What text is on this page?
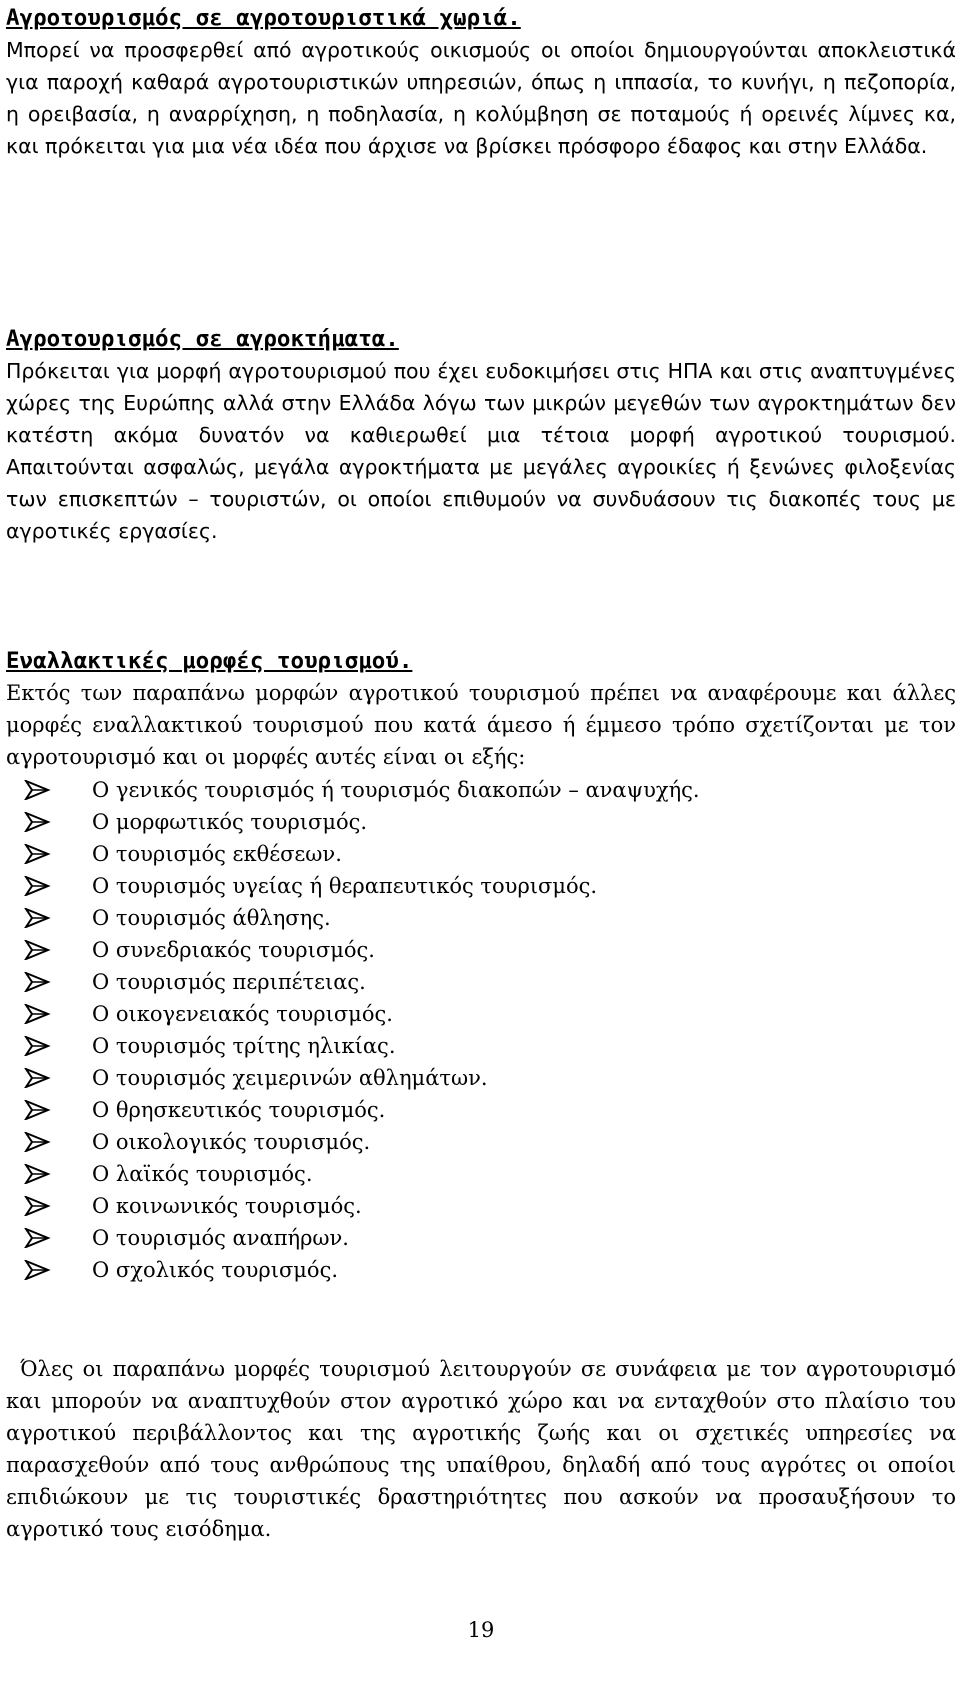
Αγροτουρισμός σε αγροτουριστικά χωριά.

Μπορεί να προσφερθεί από αγροτικούς οικισμούς οι οποίοι δημιουργούνται αποκλειστικά για παροχή καθαρά αγροτουριστικών υπηρεσιών, όπως η ιππασία, το κυνήγι, η πεζοπορία, η ορειβασία, η αναρρίχηση, η ποδηλασία, η κολύμβηση σε ποταμούς ή ορεινές λίμνες κα, και πρόκειται για μια νέα ιδέα που άρχισε να βρίσκει πρόσφορο έδαφος και στην Ελλάδα.

Αγροτουρισμός σε αγροκτήματα.

Πρόκειται για μορφή αγροτουρισμού που έχει ευδοκιμήσει στις ΗΠΑ και στις αναπτυγμένες χώρες της Ευρώπης αλλά στην Ελλάδα λόγω των μικρών μεγεθών των αγροκτημάτων δεν κατέστη ακόμα δυνατόν να καθιερωθεί μια τέτοια μορφή αγροτικού τουρισμού. Απαιτούνται ασφαλώς, μεγάλα αγροκτήματα με μεγάλες αγροικίες ή ξενώνες φιλοξενίας των επισκεπτών – τουριστών, οι οποίοι επιθυμούν να συνδυάσουν τις διακοπές τους με αγροτικές εργασίες.

Εναλλακτικές μορφές τουρισμού.

Εκτός των παραπάνω μορφών αγροτικού τουρισμού πρέπει να αναφέρουμε και άλλες μορφές εναλλακτικού τουρισμού που κατά άμεσο ή έμμεσο τρόπο σχετίζονται με τον αγροτουρισμό και οι μορφές αυτές είναι οι εξής:

Ο γενικός τουρισμός ή τουρισμός διακοπών – αναψυχής.
Ο μορφωτικός τουρισμός.
Ο τουρισμός εκθέσεων.
Ο τουρισμός υγείας ή θεραπευτικός τουρισμός.
Ο τουρισμός άθλησης.
Ο συνεδριακός τουρισμός.
Ο τουρισμός περιπέτειας.
Ο οικογενειακός τουρισμός.
Ο τουρισμός τρίτης ηλικίας.
Ο τουρισμός χειμερινών αθλημάτων.
Ο θρησκευτικός τουρισμός.
Ο οικολογικός τουρισμός.
Ο λαϊκός τουρισμός.
Ο κοινωνικός τουρισμός.
Ο τουρισμός αναπήρων.
Ο σχολικός τουρισμός.

Όλες οι παραπάνω μορφές τουρισμού λειτουργούν σε συνάφεια με τον αγροτουρισμό και μπορούν να αναπτυχθούν στον αγροτικό χώρο και να ενταχθούν στο πλαίσιο του αγροτικού περιβάλλοντος και της αγροτικής ζωής και οι σχετικές υπηρεσίες να παρασχεθούν από τους ανθρώπους της υπαίθρου, δηλαδή από τους αγρότες οι οποίοι επιδιώκουν με τις τουριστικές δραστηριότητες που ασκούν να προσαυξήσουν το αγροτικό τους εισόδημα.

19
